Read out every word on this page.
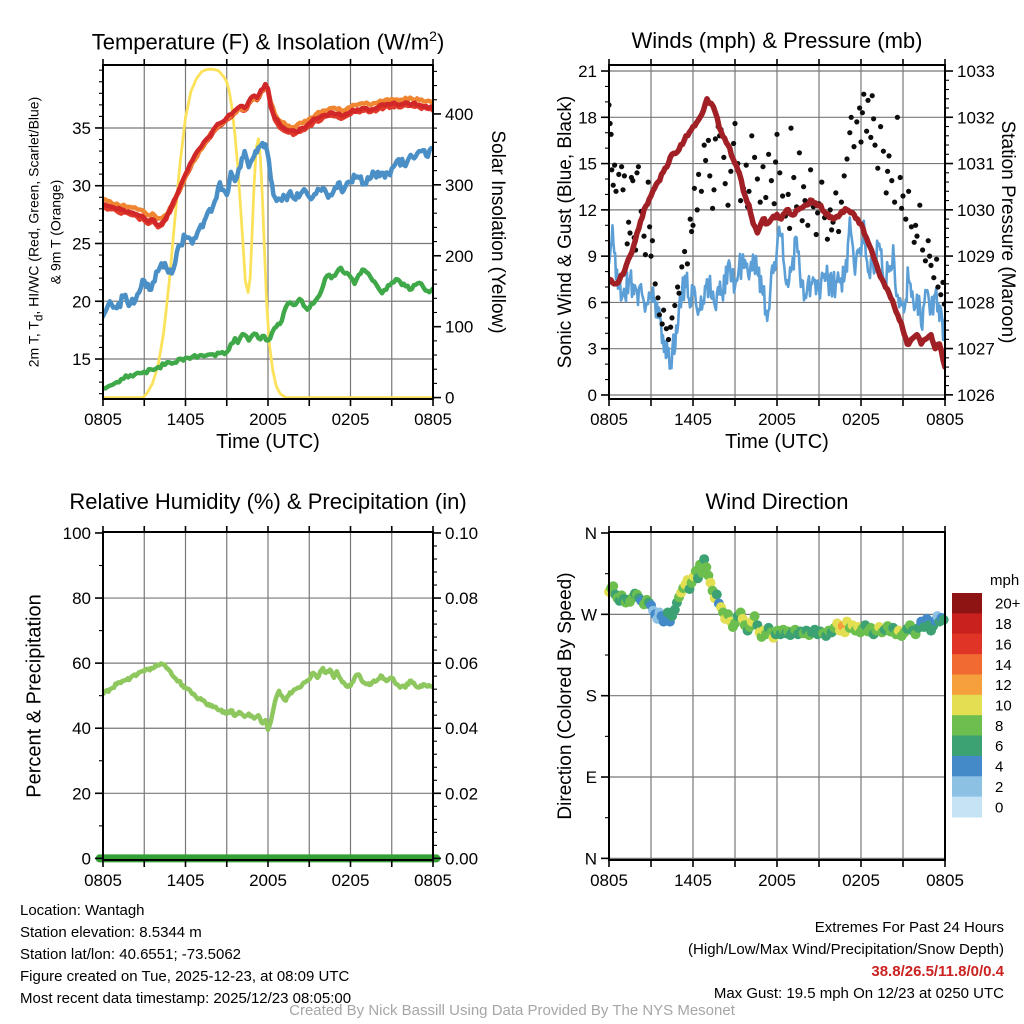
0805	1405	2005	0205	0805
15
20
25
30
35
0
100
200
300
400
0805	1405	2005	0205	0805
0
3
6
9
12
15
18
21
1026
1027
1028
1029
1030
1031
1032
1033
0805	1405	2005	0205	0805
0
20
40
60
80
100
0.00
0.02
0.04
0.06
0.08
0.10
0805	1405	2005	0205	0805
N
W
S
E
N
mph
20+
18
16
14
12
10
8
6
4
2
0
Temperature (F) & Insolation $(W/m^2)$	Winds (mph) & Pressure (mb)
Relative Humidity (%) & Precipitation (in)	Wind Direction
Time (UTC)	Time (UTC)
2m T, $T_d$, HI/WC (Red, Green, Scarlet/Blue) & 9m T (Orange)	Solar Insolation (Yellow) Sonic Wind & Gust (Blue, Black)	Station Pressure (Maroon)
Percent & Precipitation	Direction (Colored By Speed)
Location: Wantagh
Station elevation: 8.5344 m
Station lat/lon: 40.6551; -73.5062
Figure created on Tue, 2025-12-23, at 08:09 UTC
Most recent data timestamp: 2025/12/23 08:05:00
Extremes For Past 24 Hours
(High/Low/Max Wind/Precipitation/Snow Depth)
38.8/26.5/11.8/0/0.4
Max Gust: 19.5 mph On 12/23 at 0250 UTC
Created By Nick Bassill Using Data Provided By The NYS Mesonet
